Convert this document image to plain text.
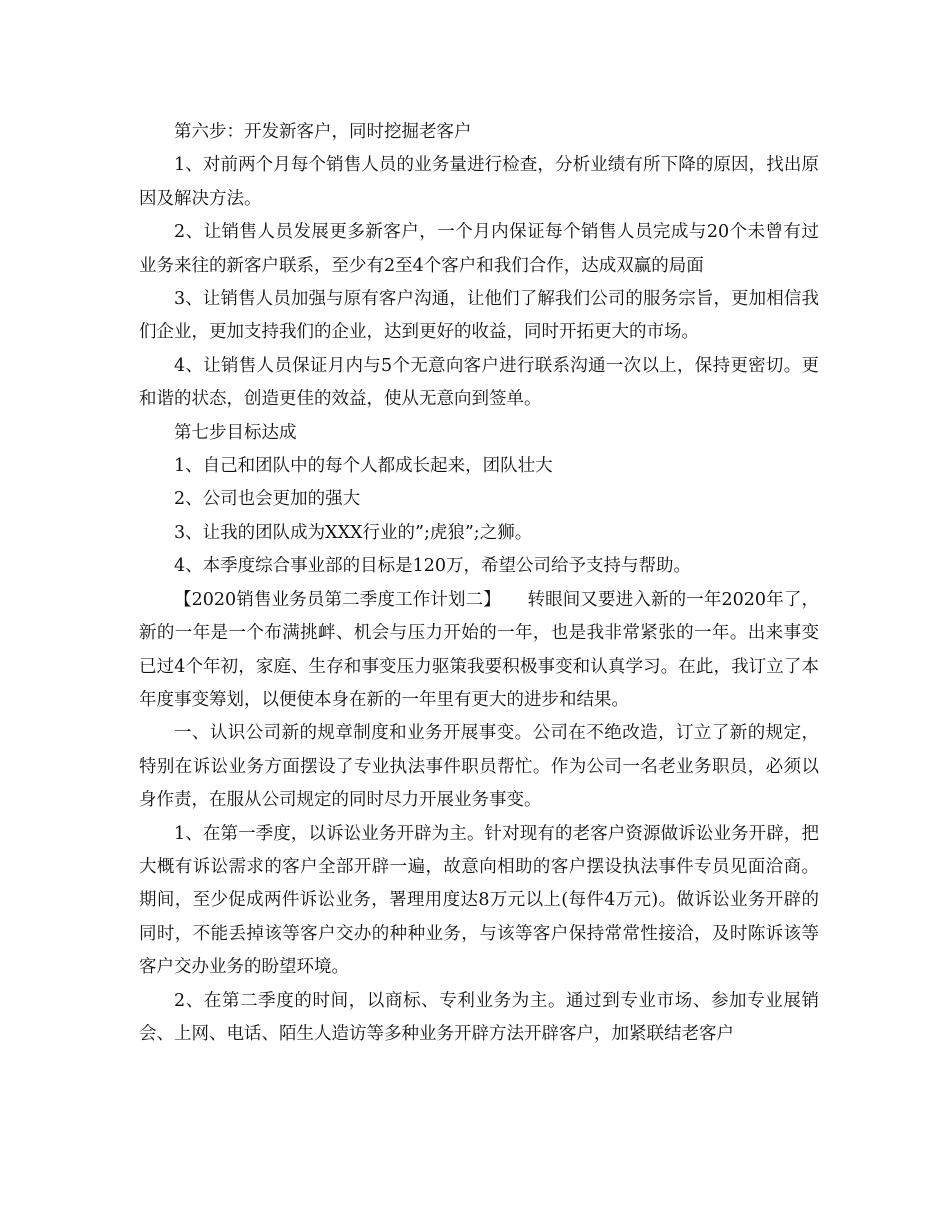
第六步：开发新客户，同时挖掘老客户

1、对前两个月每个销售人员的业务量进行检查，分析业绩有所下降的原因，找出原因及解决方法。

2、让销售人员发展更多新客户，一个月内保证每个销售人员完成与20个未曾有过业务来往的新客户联系，至少有2至4个客户和我们合作，达成双赢的局面

3、让销售人员加强与原有客户沟通，让他们了解我们公司的服务宗旨，更加相信我们企业，更加支持我们的企业，达到更好的收益，同时开拓更大的市场。

4、让销售人员保证月内与5个无意向客户进行联系沟通一次以上，保持更密切。更和谐的状态，创造更佳的效益，使从无意向到签单。

第七步目标达成

1、自己和团队中的每个人都成长起来，团队壮大

2、公司也会更加的强大

3、让我的团队成为XXX行业的”;虎狼”;之狮。

4、本季度综合事业部的目标是120万，希望公司给予支持与帮助。

【2020销售业务员第二季度工作计划二】　　转眼间又要进入新的一年2020年了，新的一年是一个布满挑衅、机会与压力开始的一年，也是我非常紧张的一年。出来事变已过4个年初，家庭、生存和事变压力驱策我要积极事变和认真学习。在此，我订立了本年度事变筹划，以便使本身在新的一年里有更大的进步和结果。

一、认识公司新的规章制度和业务开展事变。公司在不绝改造，订立了新的规定，特别在诉讼业务方面摆设了专业执法事件职员帮忙。作为公司一名老业务职员，必须以身作责，在服从公司规定的同时尽力开展业务事变。

1、在第一季度，以诉讼业务开辟为主。针对现有的老客户资源做诉讼业务开辟，把大概有诉讼需求的客户全部开辟一遍，故意向相助的客户摆设执法事件专员见面洽商。期间，至少促成两件诉讼业务，署理用度达8万元以上(每件4万元)。做诉讼业务开辟的同时，不能丢掉该等客户交办的种种业务，与该等客户保持常常性接洽，及时陈诉该等客户交办业务的盼望环境。

2、在第二季度的时间，以商标、专利业务为主。通过到专业市场、参加专业展销会、上网、电话、陌生人造访等多种业务开辟方法开辟客户，加紧联结老客户
